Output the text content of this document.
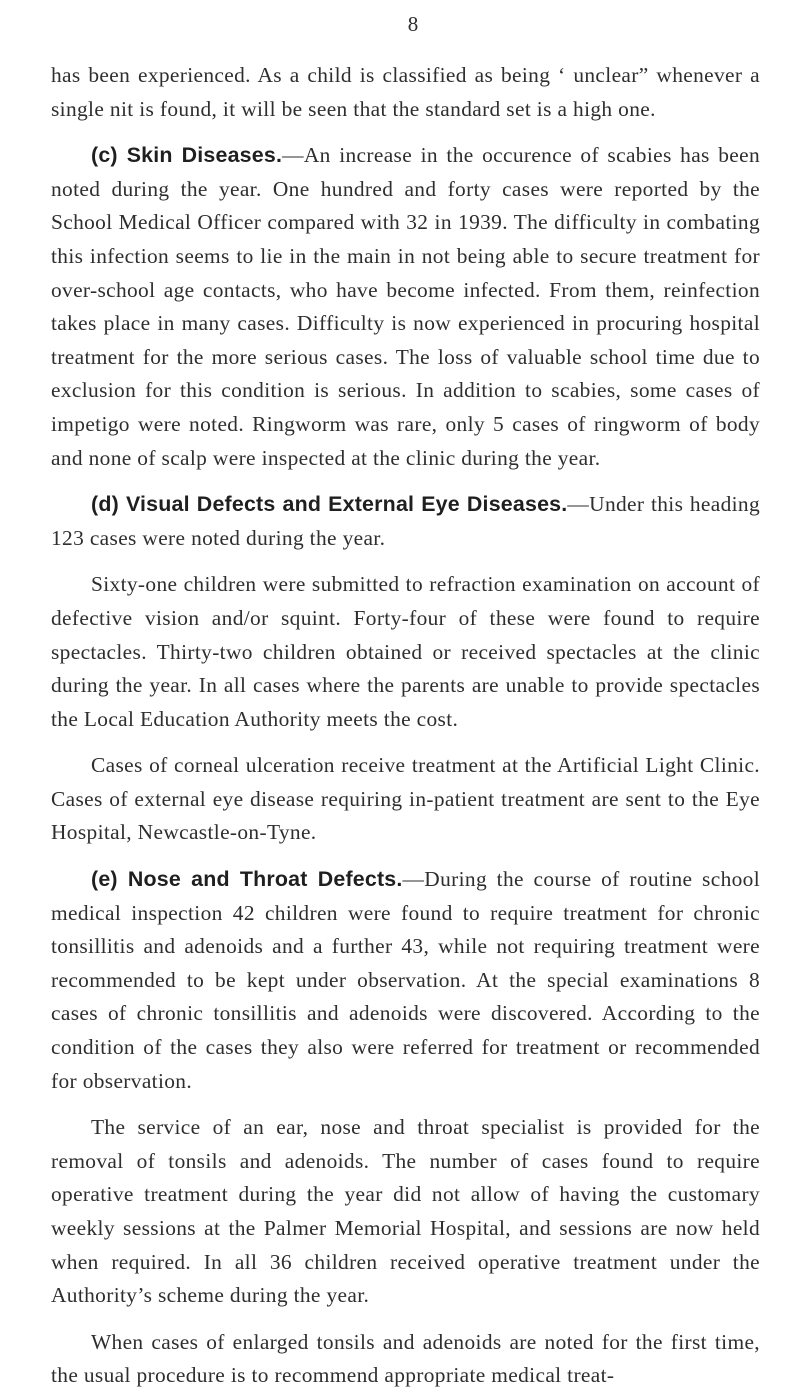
8

has been experienced. As a child is classified as being ‘ unclear” whenever a single nit is found, it will be seen that the standard set is a high one.

(c) Skin Diseases.—An increase in the occurence of scabies has been noted during the year. One hundred and forty cases were reported by the School Medical Officer compared with 32 in 1939. The difficulty in combating this infection seems to lie in the main in not being able to secure treatment for over-school age contacts, who have become infected. From them, reinfection takes place in many cases. Difficulty is now experienced in procuring hospital treatment for the more serious cases. The loss of valuable school time due to exclusion for this condition is serious. In addition to scabies, some cases of impetigo were noted. Ringworm was rare, only 5 cases of ringworm of body and none of scalp were inspected at the clinic during the year.

(d) Visual Defects and External Eye Diseases.—Under this heading 123 cases were noted during the year.

Sixty-one children were submitted to refraction examination on account of defective vision and/or squint. Forty-four of these were found to require spectacles. Thirty-two children obtained or received spectacles at the clinic during the year. In all cases where the parents are unable to provide spectacles the Local Education Authority meets the cost.

Cases of corneal ulceration receive treatment at the Artificial Light Clinic. Cases of external eye disease requiring in-patient treatment are sent to the Eye Hospital, Newcastle-on-Tyne.

(e) Nose and Throat Defects.—During the course of routine school medical inspection 42 children were found to require treatment for chronic tonsillitis and adenoids and a further 43, while not requiring treatment were recommended to be kept under observation. At the special examinations 8 cases of chronic tonsillitis and adenoids were discovered. According to the condition of the cases they also were referred for treatment or recommended for observation.

The service of an ear, nose and throat specialist is provided for the removal of tonsils and adenoids. The number of cases found to require operative treatment during the year did not allow of having the customary weekly sessions at the Palmer Memorial Hospital, and sessions are now held when required. In all 36 children received operative treatment under the Authority’s scheme during the year.

When cases of enlarged tonsils and adenoids are noted for the first time, the usual procedure is to recommend appropriate medical treat-
